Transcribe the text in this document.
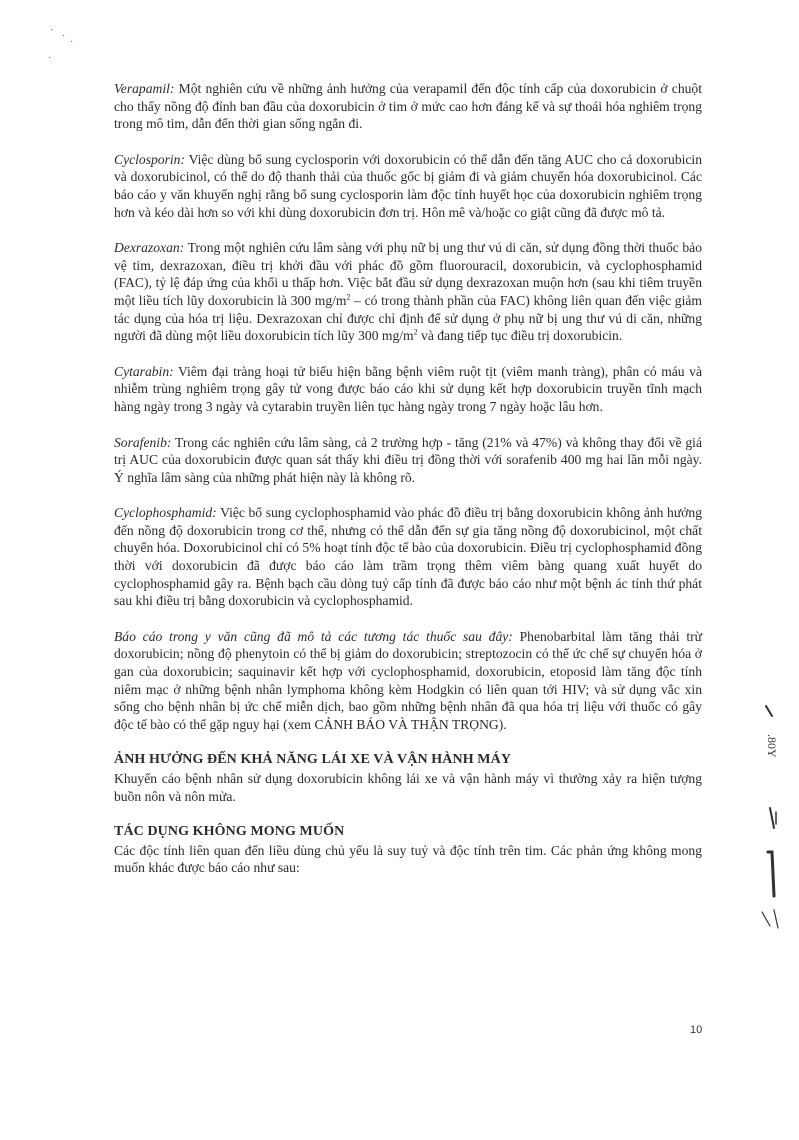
·
·
·
·

Verapamil: Một nghiên cứu về những ảnh hưởng của verapamil đến độc tính cấp của doxorubicin ở chuột cho thấy nồng độ đỉnh ban đầu của doxorubicin ở tim ở mức cao hơn đáng kể và sự thoái hóa nghiêm trọng trong mô tim, dẫn đến thời gian sống ngắn đi.

Cyclosporin: Việc dùng bổ sung cyclosporin với doxorubicin có thể dẫn đến tăng AUC cho cả doxorubicin và doxorubicinol, có thể do độ thanh thải của thuốc gốc bị giảm đi và giảm chuyển hóa doxorubicinol. Các báo cáo y văn khuyến nghị rằng bổ sung cyclosporin làm độc tính huyết học của doxorubicin nghiêm trọng hơn và kéo dài hơn so với khi dùng doxorubicin đơn trị. Hôn mê và/hoặc co giật cũng đã được mô tả.

Dexrazoxan: Trong một nghiên cứu lâm sàng với phụ nữ bị ung thư vú di căn, sử dụng đồng thời thuốc bảo vệ tim, dexrazoxan, điều trị khởi đầu với phác đồ gồm fluorouracil, doxorubicin, và cyclophosphamid (FAC), tỷ lệ đáp ứng của khối u thấp hơn. Việc bắt đầu sử dụng dexrazoxan muộn hơn (sau khi tiêm truyền một liều tích lũy doxorubicin là 300 $mg/m^2$ – có trong thành phần của FAC) không liên quan đến việc giảm tác dụng của hóa trị liệu. Dexrazoxan chỉ được chỉ định để sử dụng ở phụ nữ bị ung thư vú di căn, những người đã dùng một liều doxorubicin tích lũy 300 $mg/m^2$ và đang tiếp tục điều trị doxorubicin.

Cytarabin: Viêm đại tràng hoại tử biểu hiện bằng bệnh viêm ruột tịt (viêm manh tràng), phân có máu và nhiễm trùng nghiêm trọng gây tử vong được báo cáo khi sử dụng kết hợp doxorubicin truyền tĩnh mạch hàng ngày trong 3 ngày và cytarabin truyền liên tục hàng ngày trong 7 ngày hoặc lâu hơn.

Sorafenib: Trong các nghiên cứu lâm sàng, cả 2 trường hợp - tăng (21% và 47%) và không thay đổi về giá trị AUC của doxorubicin được quan sát thấy khi điều trị đồng thời với sorafenib 400 mg hai lần mỗi ngày. Ý nghĩa lâm sàng của những phát hiện này là không rõ.

Cyclophosphamid: Việc bổ sung cyclophosphamid vào phác đồ điều trị bằng doxorubicin không ảnh hưởng đến nồng độ doxorubicin trong cơ thể, nhưng có thể dẫn đến sự gia tăng nồng độ doxorubicinol, một chất chuyển hóa. Doxorubicinol chỉ có 5% hoạt tính độc tế bào của doxorubicin. Điều trị cyclophosphamid đồng thời với doxorubicin đã được báo cáo làm trầm trọng thêm viêm bàng quang xuất huyết do cyclophosphamid gây ra. Bệnh bạch cầu dòng tuỷ cấp tính đã được báo cáo như một bệnh ác tính thứ phát sau khi điều trị bằng doxorubicin và cyclophosphamid.

Báo cáo trong y văn cũng đã mô tả các tương tác thuốc sau đây: Phenobarbital làm tăng thải trừ doxorubicin; nồng độ phenytoin có thể bị giảm do doxorubicin; streptozocin có thể ức chế sự chuyển hóa ở gan của doxorubicin; saquinavir kết hợp với cyclophosphamid, doxorubicin, etoposid làm tăng độc tính niêm mạc ở những bệnh nhân lymphoma không kèm Hodgkin có liên quan tới HIV; và sử dụng vắc xin sống cho bệnh nhân bị ức chế miễn dịch, bao gồm những bệnh nhân đã qua hóa trị liệu với thuốc có gây độc tế bào có thể gặp nguy hại (xem CẢNH BÁO VÀ THẬN TRỌNG).

ẢNH HƯỞNG ĐẾN KHẢ NĂNG LÁI XE VÀ VẬN HÀNH MÁY

Khuyến cáo bệnh nhân sử dụng doxorubicin không lái xe và vận hành máy vì thường xảy ra hiện tượng buồn nôn và nôn mửa.

TÁC DỤNG KHÔNG MONG MUỐN

Các độc tính liên quan đến liều dùng chủ yếu là suy tuỷ và độc tính trên tim. Các phản ứng không mong muốn khác được báo cáo như sau:

.80Y
10
